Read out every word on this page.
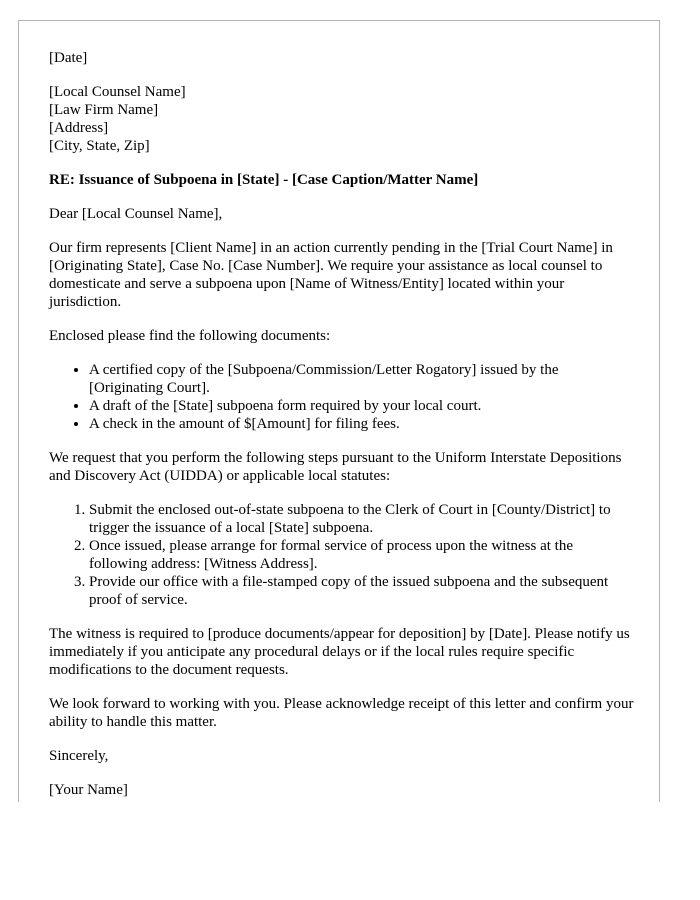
[Date]

[Local Counsel Name]

[Law Firm Name]

[Address]

[City, State, Zip]

RE: Issuance of Subpoena in [State] - [Case Caption/Matter Name]

Dear [Local Counsel Name],

Our firm represents [Client Name] in an action currently pending in the [Trial Court Name] in [Originating State], Case No. [Case Number]. We require your assistance as local counsel to domesticate and serve a subpoena upon [Name of Witness/Entity] located within your jurisdiction.

Enclosed please find the following documents:

• A certified copy of the [Subpoena/Commission/Letter Rogatory] issued by the [Originating Court].
• A draft of the [State] subpoena form required by your local court.
• A check in the amount of $[Amount] for filing fees.

We request that you perform the following steps pursuant to the Uniform Interstate Depositions and Discovery Act (UIDDA) or applicable local statutes:

1. Submit the enclosed out-of-state subpoena to the Clerk of Court in [County/District] to trigger the issuance of a local [State] subpoena.
2. Once issued, please arrange for formal service of process upon the witness at the following address: [Witness Address].
3. Provide our office with a file-stamped copy of the issued subpoena and the subsequent proof of service.

The witness is required to [produce documents/appear for deposition] by [Date]. Please notify us immediately if you anticipate any procedural delays or if the local rules require specific modifications to the document requests.

We look forward to working with you. Please acknowledge receipt of this letter and confirm your ability to handle this matter.

Sincerely,

[Your Name]
